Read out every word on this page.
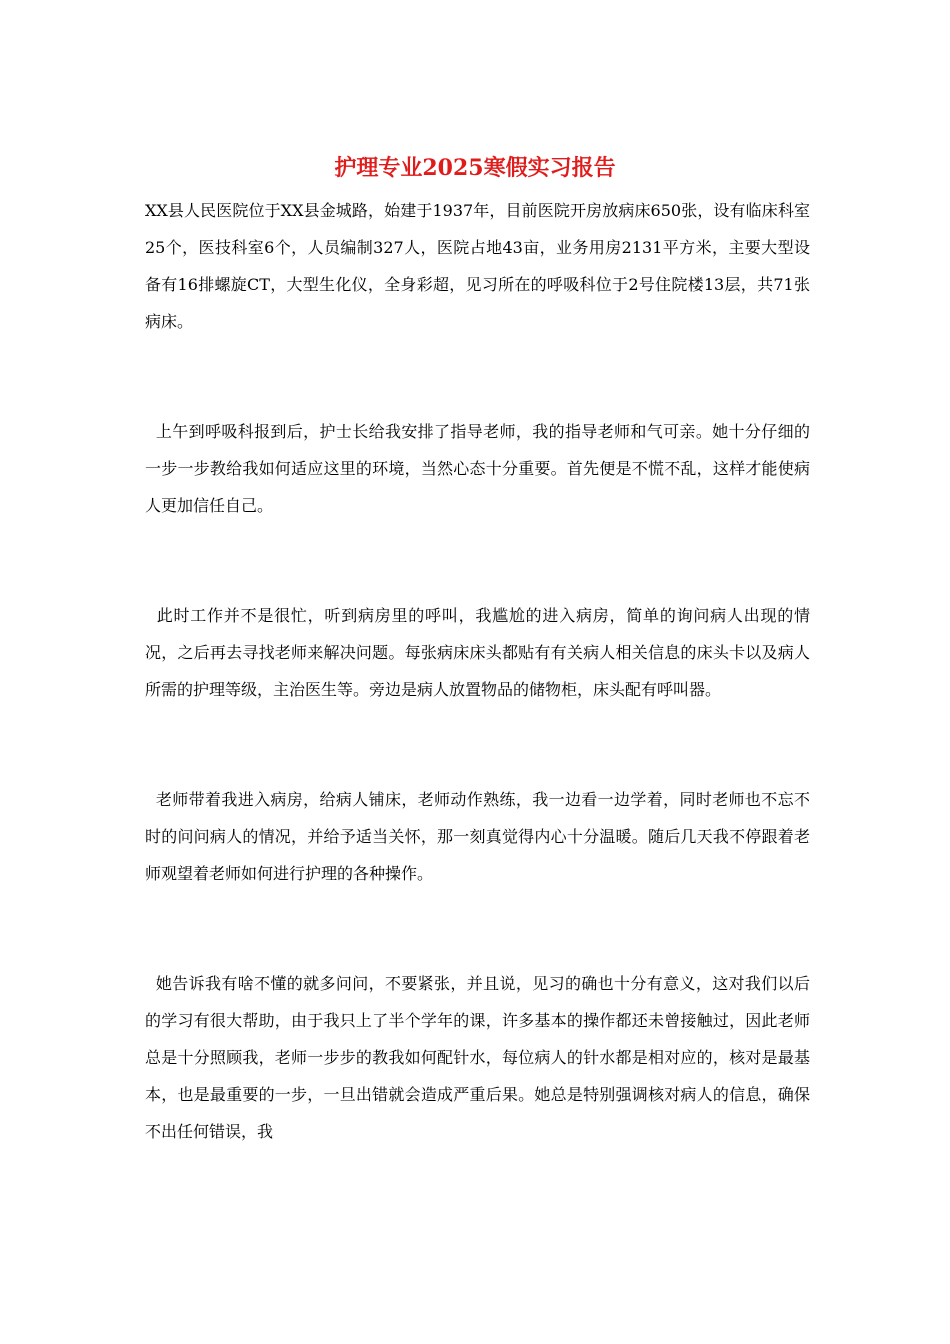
护理专业2025寒假实习报告

XX县人民医院位于XX县金城路，始建于1937年，目前医院开房放病床650张，设有临床科室25个，医技科室6个，人员编制327人，医院占地43亩，业务用房2131平方米，主要大型设备有16排螺旋CT，大型生化仪，全身彩超，见习所在的呼吸科位于2号住院楼13层，共71张病床。

上午到呼吸科报到后，护士长给我安排了指导老师，我的指导老师和气可亲。她十分仔细的一步一步教给我如何适应这里的环境，当然心态十分重要。首先便是不慌不乱，这样才能使病人更加信任自己。

此时工作并不是很忙，听到病房里的呼叫，我尴尬的进入病房，简单的询问病人出现的情况，之后再去寻找老师来解决问题。每张病床床头都贴有有关病人相关信息的床头卡以及病人所需的护理等级，主治医生等。旁边是病人放置物品的储物柜，床头配有呼叫器。

老师带着我进入病房，给病人铺床，老师动作熟练，我一边看一边学着，同时老师也不忘不时的问问病人的情况，并给予适当关怀，那一刻真觉得内心十分温暖。随后几天我不停跟着老师观望着老师如何进行护理的各种操作。

她告诉我有啥不懂的就多问问，不要紧张，并且说，见习的确也十分有意义，这对我们以后的学习有很大帮助，由于我只上了半个学年的课，许多基本的操作都还未曾接触过，因此老师总是十分照顾我，老师一步步的教我如何配针水，每位病人的针水都是相对应的，核对是最基本，也是最重要的一步，一旦出错就会造成严重后果。她总是特别强调核对病人的信息，确保不出任何错误，我
